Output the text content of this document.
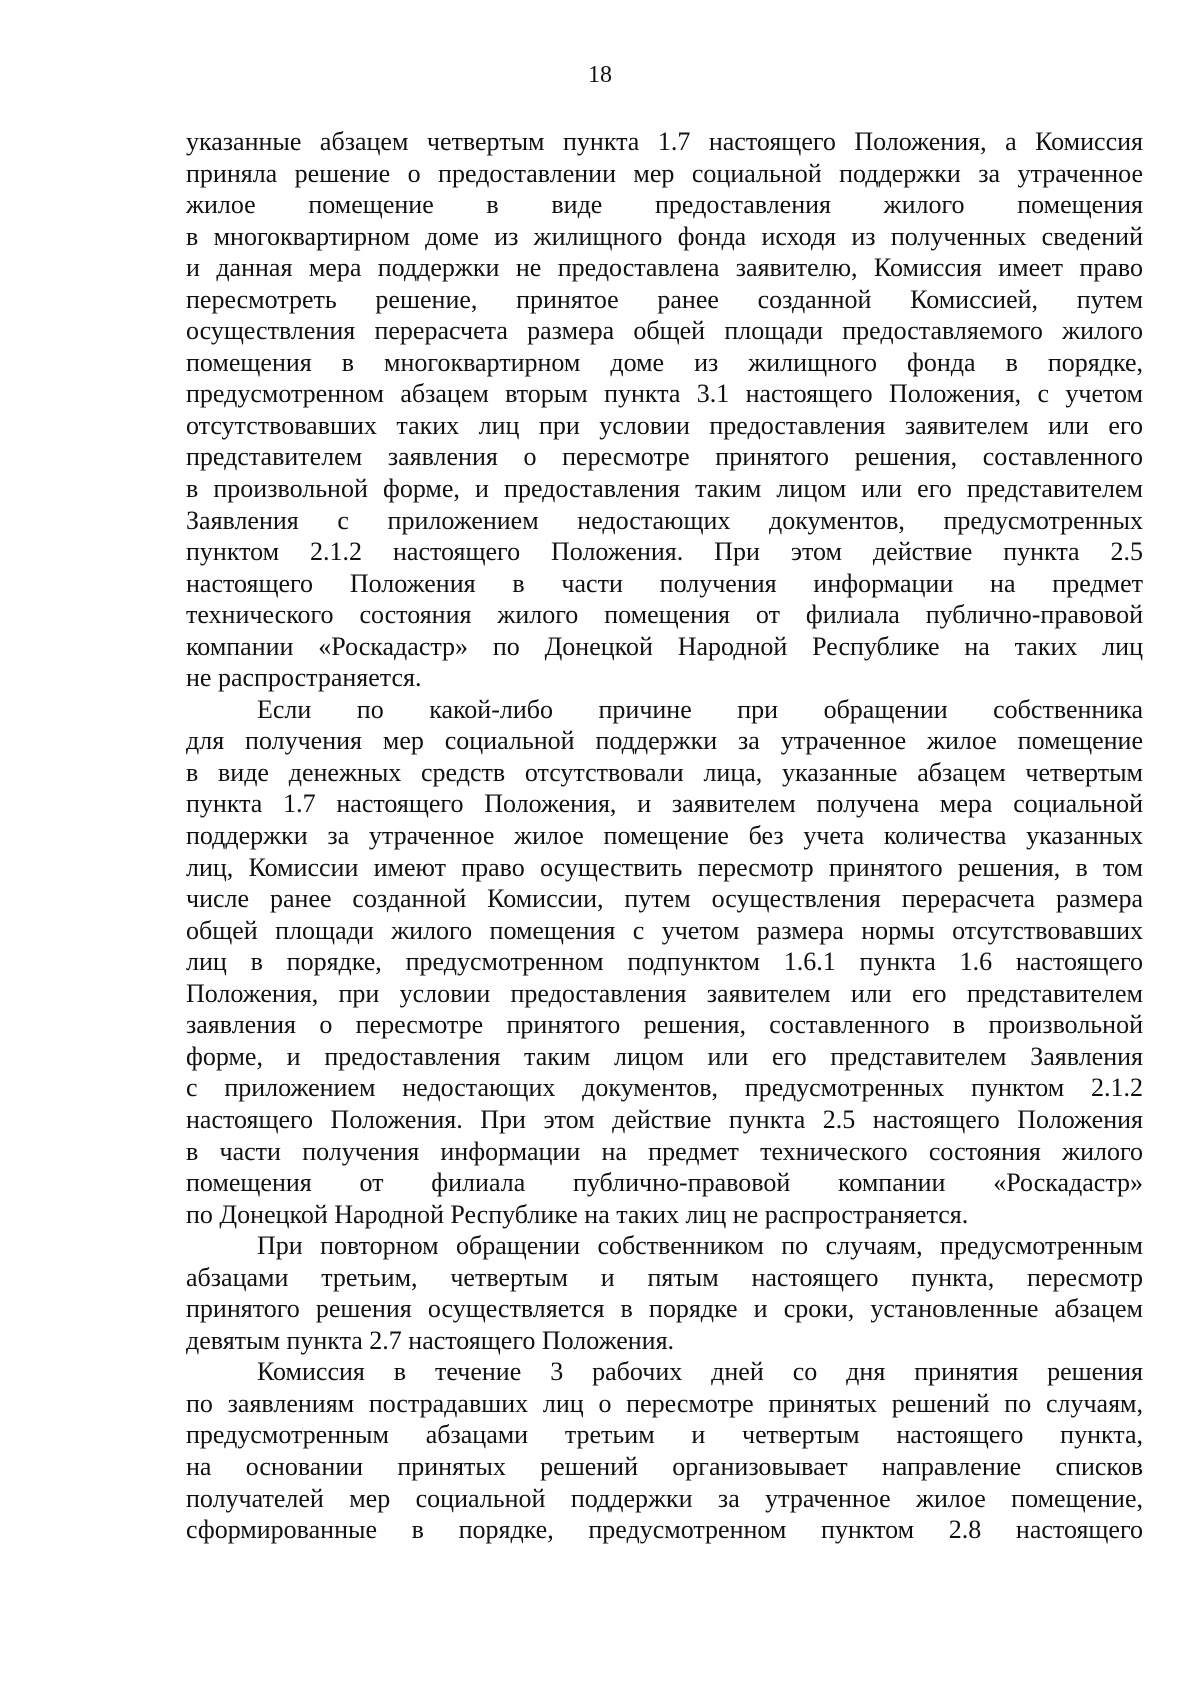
18
указанные абзацем четвертым пункта 1.7 настоящего Положения, а Комиссия
приняла решение о предоставлении мер социальной поддержки за утраченное
жилое помещение в виде предоставления жилого помещения
в многоквартирном доме из жилищного фонда исходя из полученных сведений
и данная мера поддержки не предоставлена заявителю, Комиссия имеет право
пересмотреть решение, принятое ранее созданной Комиссией, путем
осуществления перерасчета размера общей площади предоставляемого жилого
помещения в многоквартирном доме из жилищного фонда в порядке,
предусмотренном абзацем вторым пункта 3.1 настоящего Положения, с учетом
отсутствовавших таких лиц при условии предоставления заявителем или его
представителем заявления о пересмотре принятого решения, составленного
в произвольной форме, и предоставления таким лицом или его представителем
Заявления с приложением недостающих документов, предусмотренных
пунктом 2.1.2 настоящего Положения. При этом действие пункта 2.5
настоящего Положения в части получения информации на предмет
технического состояния жилого помещения от филиала публично-правовой
компании «Роскадастр» по Донецкой Народной Республике на таких лиц
не распространяется.
Если по какой-либо причине при обращении собственника
для получения мер социальной поддержки за утраченное жилое помещение
в виде денежных средств отсутствовали лица, указанные абзацем четвертым
пункта 1.7 настоящего Положения, и заявителем получена мера социальной
поддержки за утраченное жилое помещение без учета количества указанных
лиц, Комиссии имеют право осуществить пересмотр принятого решения, в том
числе ранее созданной Комиссии, путем осуществления перерасчета размера
общей площади жилого помещения с учетом размера нормы отсутствовавших
лиц в порядке, предусмотренном подпунктом 1.6.1 пункта 1.6 настоящего
Положения, при условии предоставления заявителем или его представителем
заявления о пересмотре принятого решения, составленного в произвольной
форме, и предоставления таким лицом или его представителем Заявления
с приложением недостающих документов, предусмотренных пунктом 2.1.2
настоящего Положения. При этом действие пункта 2.5 настоящего Положения
в части получения информации на предмет технического состояния жилого
помещения от филиала публично-правовой компании «Роскадастр»
по Донецкой Народной Республике на таких лиц не распространяется.
При повторном обращении собственником по случаям, предусмотренным
абзацами третьим, четвертым и пятым настоящего пункта, пересмотр
принятого решения осуществляется в порядке и сроки, установленные абзацем
девятым пункта 2.7 настоящего Положения.
Комиссия в течение 3 рабочих дней со дня принятия решения
по заявлениям пострадавших лиц о пересмотре принятых решений по случаям,
предусмотренным абзацами третьим и четвертым настоящего пункта,
на основании принятых решений организовывает направление списков
получателей мер социальной поддержки за утраченное жилое помещение,
сформированные в порядке, предусмотренном пунктом 2.8 настоящего
